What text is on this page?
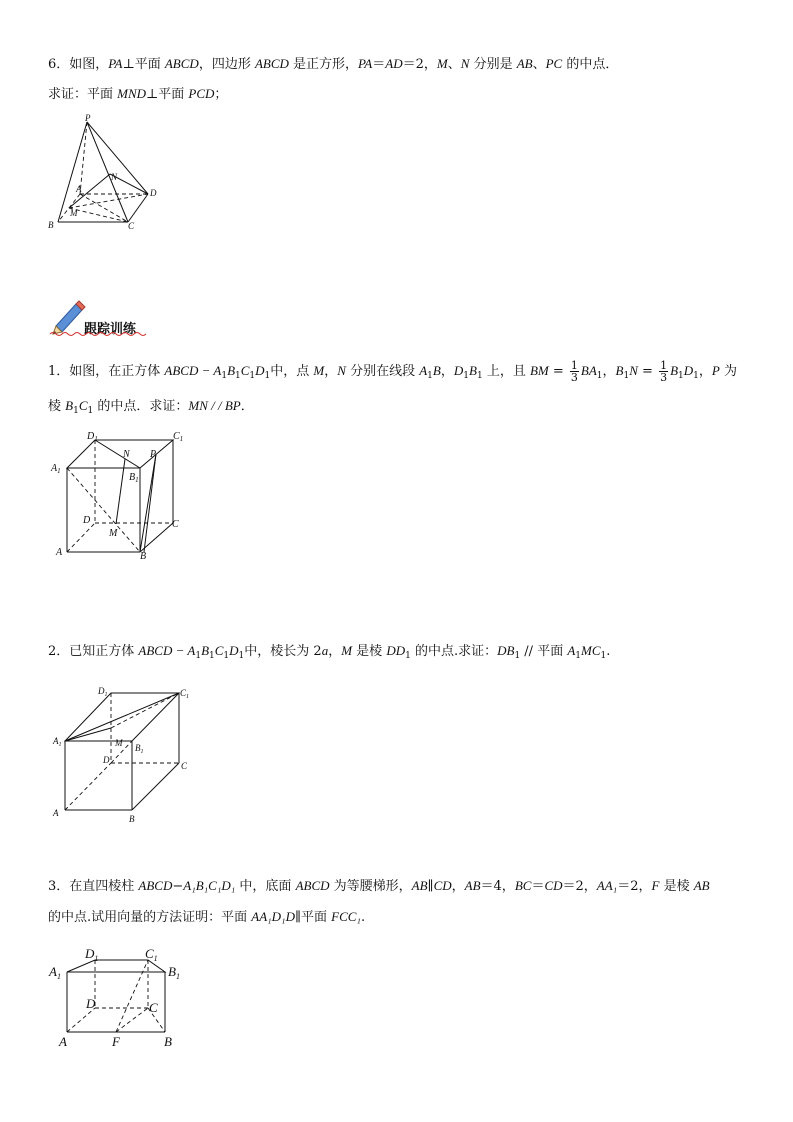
6．如图，PA⊥平面 ABCD，四边形 ABCD 是正方形，PA＝AD＝2，M、N 分别是 AB、PC 的中点．
求证：平面 MND⊥平面 PCD；
P
N
A	D
M
B	C
跟踪训练
1．如图，在正方体 ABCD − $A_1B_1C_1D_1$中，点 M，N 分别在线段 $A_1B$，$D_1B_1$ 上，且 BM = $\frac{1}{3} BA_1$，$B_1N = \frac{1}{3} B_1D_1$，P 为
棱 $B_1C_1$ 的中点．求证：MN / / BP．
$D_1$	$C_1$
$A_1$
N P
$B_1$
D	C
M
A	B
2．已知正方体 ABCD − $A_1B_1C_1D_1$中，棱长为 2a，M 是棱 $DD_1$ 的中点.求证：$DB_1$ // 平面 $A_1MC_1$.
$D_1$	$C_1$
$A_1$	M $B_1$
D
C
A
B
3．在直四棱柱 ABCD−A₁B₁C₁D₁ 中，底面 ABCD 为等腰梯形，AB∥CD，AB＝4，BC＝CD＝2，AA₁＝2，F 是棱 AB
的中点.试用向量的方法证明：平面 AA₁D₁D∥平面 FCC₁.
$D_1$	$C_1$
$A_1$	$B_1$
D	C
A	F	B
